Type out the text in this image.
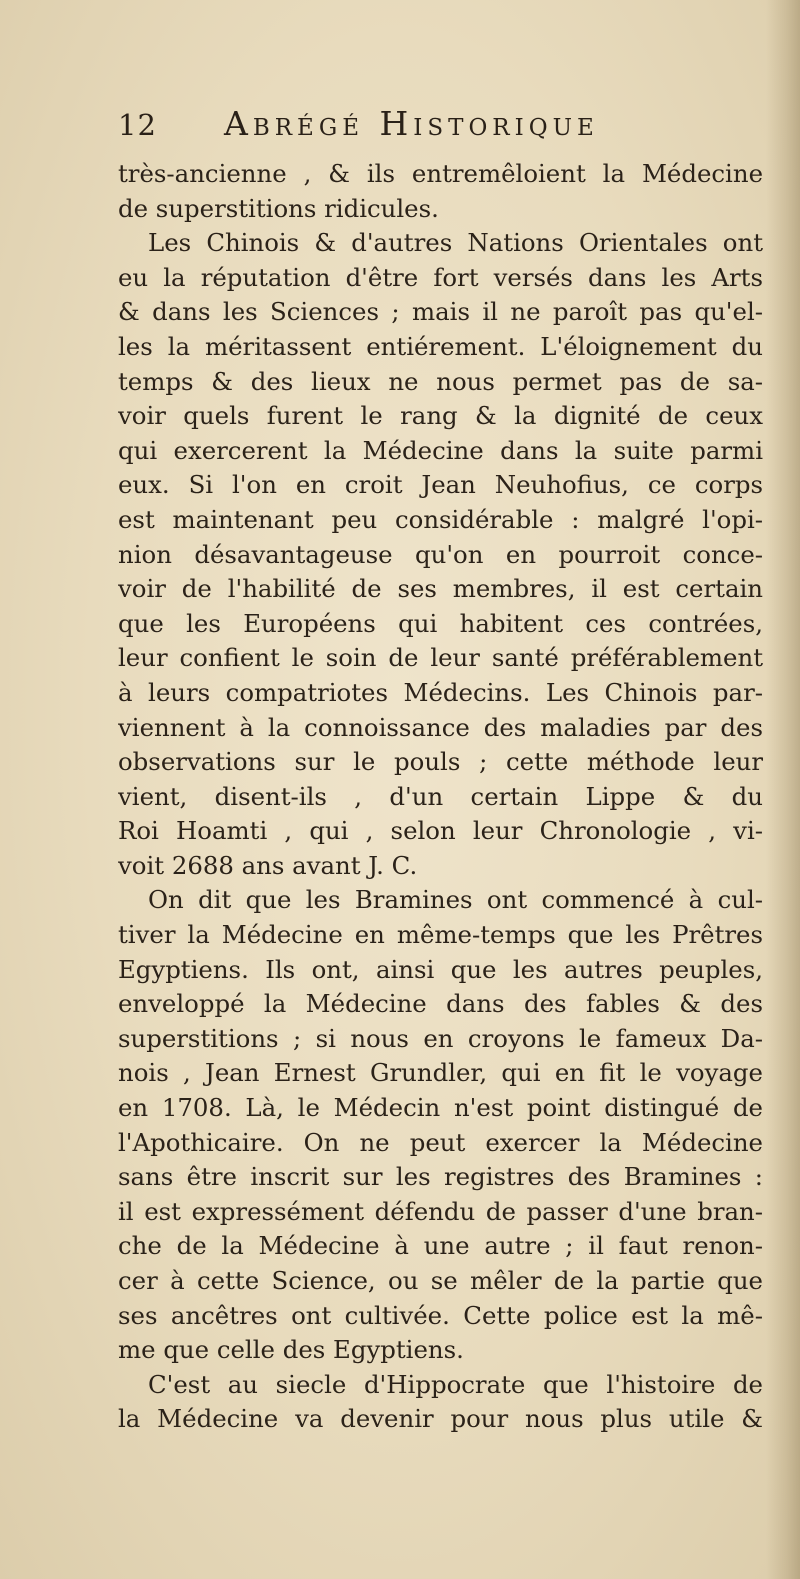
12 Abrégé Historique
très-ancienne , & ils entremêloient la Médecine
de superstitions ridicules.
Les Chinois & d'autres Nations Orientales ont
eu la réputation d'être fort versés dans les Arts
& dans les Sciences ; mais il ne paroît pas qu'el-
les la méritassent entiérement. L'éloignement du
temps & des lieux ne nous permet pas de sa-
voir quels furent le rang & la dignité de ceux
qui exercerent la Médecine dans la suite parmi
eux. Si l'on en croit Jean Neuhofius, ce corps
est maintenant peu considérable : malgré l'opi-
nion désavantageuse qu'on en pourroit conce-
voir de l'habilité de ses membres, il est certain
que les Européens qui habitent ces contrées,
leur confient le soin de leur santé préférablement
à leurs compatriotes Médecins. Les Chinois par-
viennent à la connoissance des maladies par des
observations sur le pouls ; cette méthode leur
vient, disent-ils , d'un certain Lippe & du
Roi Hoamti , qui , selon leur Chronologie , vi-
voit 2688 ans avant J. C.
On dit que les Bramines ont commencé à cul-
tiver la Médecine en même-temps que les Prêtres
Egyptiens. Ils ont, ainsi que les autres peuples,
enveloppé la Médecine dans des fables & des
superstitions ; si nous en croyons le fameux Da-
nois , Jean Ernest Grundler, qui en fit le voyage
en 1708. Là, le Médecin n'est point distingué de
l'Apothicaire. On ne peut exercer la Médecine
sans être inscrit sur les registres des Bramines :
il est expressément défendu de passer d'une bran-
che de la Médecine à une autre ; il faut renon-
cer à cette Science, ou se mêler de la partie que
ses ancêtres ont cultivée. Cette police est la mê-
me que celle des Egyptiens.
C'est au siecle d'Hippocrate que l'histoire de
la Médecine va devenir pour nous plus utile &
